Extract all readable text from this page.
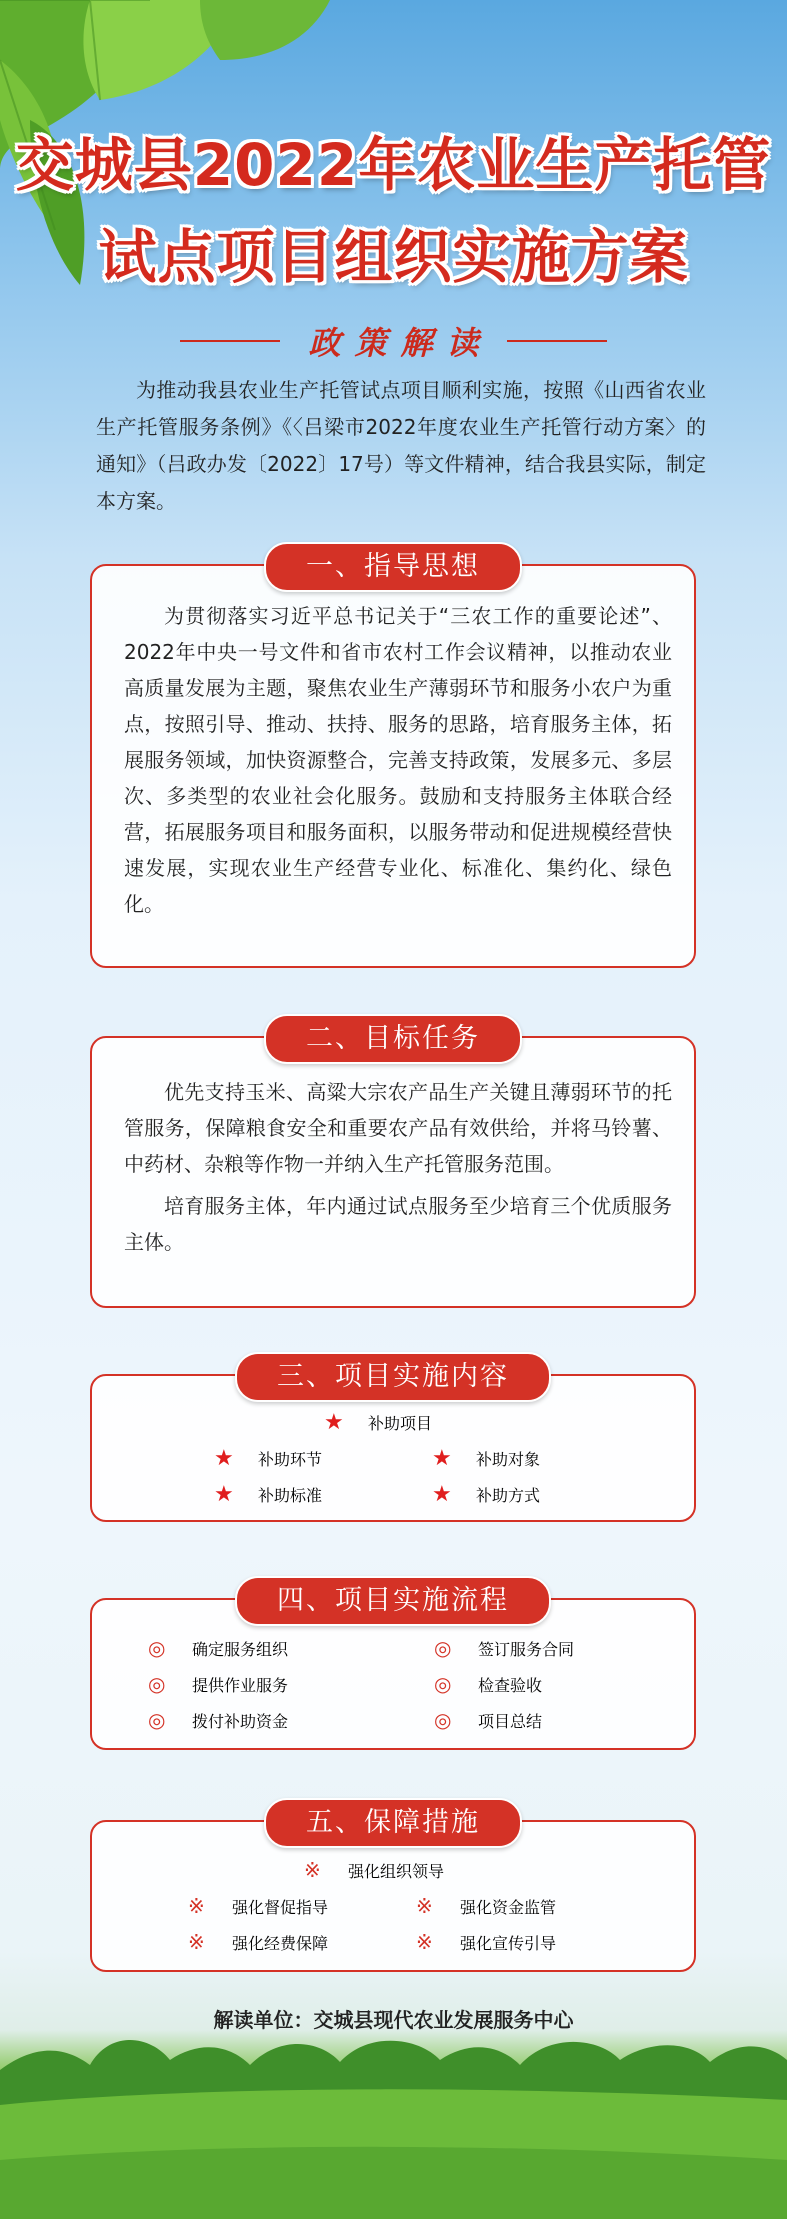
交城县2022年农业生产托管
试点项目组织实施方案
政策解读

为推动我县农业生产托管试点项目顺利实施，按照《山西省农业生产托管服务条例》《〈吕梁市2022年度农业生产托管行动方案〉的通知》（吕政办发〔2022〕17号）等文件精神，结合我县实际，制定本方案。

一、指导思想

为贯彻落实习近平总书记关于“三农工作的重要论述”、2022年中央一号文件和省市农村工作会议精神，以推动农业高质量发展为主题，聚焦农业生产薄弱环节和服务小农户为重点，按照引导、推动、扶持、服务的思路，培育服务主体，拓展服务领域，加快资源整合，完善支持政策，发展多元、多层次、多类型的农业社会化服务。鼓励和支持服务主体联合经营，拓展服务项目和服务面积，以服务带动和促进规模经营快速发展，实现农业生产经营专业化、标准化、集约化、绿色化。

二、目标任务

优先支持玉米、高粱大宗农产品生产关键且薄弱环节的托管服务，保障粮食安全和重要农产品有效供给，并将马铃薯、中药材、杂粮等作物一并纳入生产托管服务范围。

培育服务主体，年内通过试点服务至少培育三个优质服务主体。

三、项目实施内容
★ 补助项目
★ 补助环节	★ 补助对象
★ 补助标准	★ 补助方式
四、项目实施流程
◎ 确定服务组织	◎ 签订服务合同
◎ 提供作业服务	◎ 检查验收
◎ 拨付补助资金	◎ 项目总结
五、保障措施
※ 强化组织领导
※ 强化督促指导	※ 强化资金监管
※ 强化经费保障	※ 强化宣传引导
解读单位：交城县现代农业发展服务中心
